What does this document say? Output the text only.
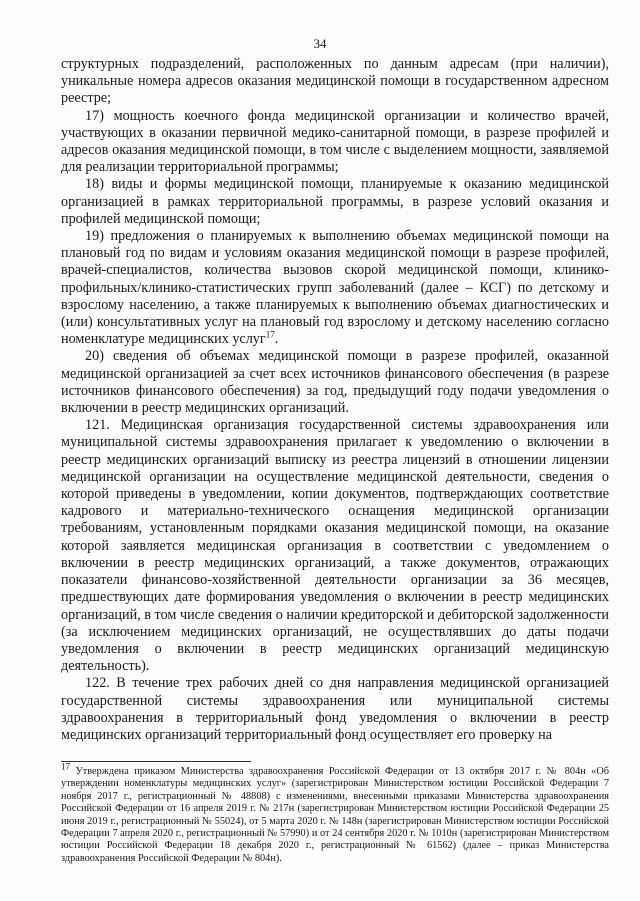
34

структурных подразделений, расположенных по данным адресам (при наличии), уникальные номера адресов оказания медицинской помощи в государственном адресном реестре;

17) мощность коечного фонда медицинской организации и количество врачей, участвующих в оказании первичной медико-санитарной помощи, в разрезе профилей и адресов оказания медицинской помощи, в том числе с выделением мощности, заявляемой для реализации территориальной программы;

18) виды и формы медицинской помощи, планируемые к оказанию медицинской организацией в рамках территориальной программы, в разрезе условий оказания и профилей медицинской помощи;

19) предложения о планируемых к выполнению объемах медицинской помощи на плановый год по видам и условиям оказания медицинской помощи в разрезе профилей, врачей-специалистов, количества вызовов скорой медицинской помощи, клинико-профильных/клинико-статистических групп заболеваний (далее – КСГ) по детскому и взрослому населению, а также планируемых к выполнению объемах диагностических и (или) консультативных услуг на плановый год взрослому и детскому населению согласно номенклатуре медицинских услуг$^{17}$.

20) сведения об объемах медицинской помощи в разрезе профилей, оказанной медицинской организацией за счет всех источников финансового обеспечения (в разрезе источников финансового обеспечения) за год, предыдущий году подачи уведомления о включении в реестр медицинских организаций.

121. Медицинская организация государственной системы здравоохранения или муниципальной системы здравоохранения прилагает к уведомлению о включении в реестр медицинских организаций выписку из реестра лицензий в отношении лицензии медицинской организации на осуществление медицинской деятельности, сведения о которой приведены в уведомлении, копии документов, подтверждающих соответствие кадрового и материально-технического оснащения медицинской организации требованиям, установленным порядками оказания медицинской помощи, на оказание которой заявляется медицинская организация в соответствии с уведомлением о включении в реестр медицинских организаций, а также документов, отражающих показатели финансово-хозяйственной деятельности организации за 36 месяцев, предшествующих дате формирования уведомления о включении в реестр медицинских организаций, в том числе сведения о наличии кредиторской и дебиторской задолженности (за исключением медицинских организаций, не осуществлявших до даты подачи уведомления о включении в реестр медицинских организаций медицинскую деятельность).

122. В течение трех рабочих дней со дня направления медицинской организацией государственной системы здравоохранения или муниципальной системы здравоохранения в территориальный фонд уведомления о включении в реестр медицинских организаций территориальный фонд осуществляет его проверку на

$^{17}$ Утверждена приказом Министерства здравоохранения Российской Федерации от 13 октября 2017 г. № 804н «Об утверждении номенклатуры медицинских услуг» (зарегистрирован Министерством юстиции Российской Федерации 7 ноября 2017 г., регистрационный № 48808) с изменениями, внесенными приказами Министерства здравоохранения Российской Федерации от 16 апреля 2019 г. № 217н (зарегистрирован Министерством юстиции Российской Федерации 25 июня 2019 г., регистрационный № 55024), от 5 марта 2020 г. № 148н (зарегистрирован Министерством юстиции Российской Федерации 7 апреля 2020 г., регистрационный № 57990) и от 24 сентября 2020 г. № 1010н (зарегистрирован Министерством юстиции Российской Федерации 18 декабря 2020 г., регистрационный № 61562) (далее – приказ Министерства здравоохранения Российской Федерации № 804н).
